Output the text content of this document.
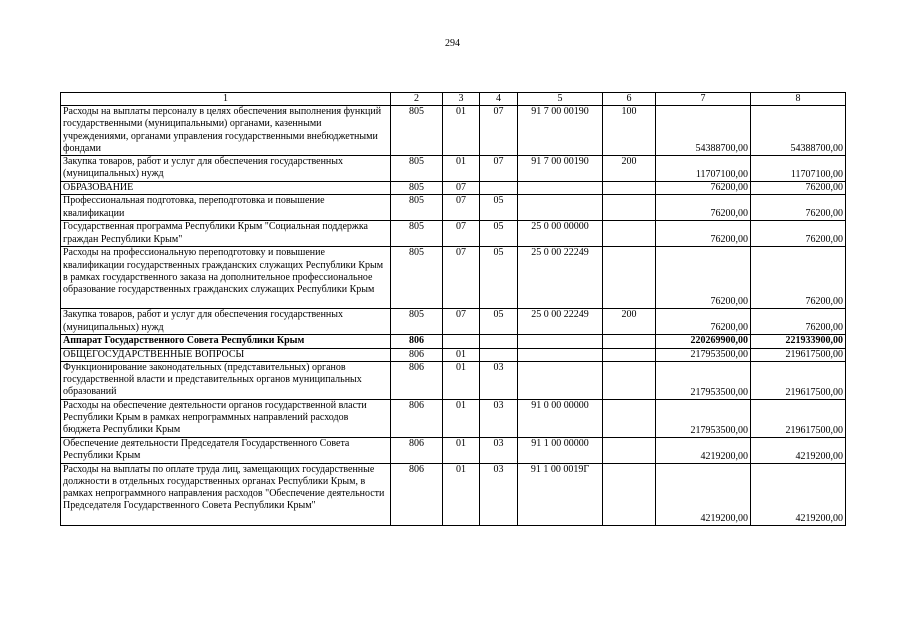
294
1	2	3	4	5	6	7	8
Расходы на выплаты персоналу в целях обеспечения выполнения функций государственными (муниципальными) органами, казенными учреждениями, органами управления государственными внебюджетными фондами	805	01	07	91 7 00 00190	100	54388700,00	54388700,00
Закупка товаров, работ и услуг для обеспечения государственных (муниципальных) нужд	805	01	07	91 7 00 00190	200	11707100,00	11707100,00
ОБРАЗОВАНИЕ	805	07				76200,00	76200,00
Профессиональная подготовка, переподготовка и повышение квалификации	805	07	05			76200,00	76200,00
Государственная программа Республики Крым "Социальная поддержка граждан Республики Крым"	805	07	05	25 0 00 00000		76200,00	76200,00
Расходы на профессиональную переподготовку и повышение квалификации государственных гражданских служащих Республики Крым в рамках государственного заказа на дополнительное профессиональное образование государственных гражданских служащих Республики Крым	805	07	05	25 0 00 22249		76200,00	76200,00
Закупка товаров, работ и услуг для обеспечения государственных (муниципальных) нужд	805	07	05	25 0 00 22249	200	76200,00	76200,00
Аппарат Государственного Совета Республики Крым	806					220269900,00	221933900,00
ОБЩЕГОСУДАРСТВЕННЫЕ ВОПРОСЫ	806	01				217953500,00	219617500,00
Функционирование законодательных (представительных) органов государственной власти и представительных органов муниципальных образований	806	01	03			217953500,00	219617500,00
Расходы на обеспечение деятельности органов государственной власти Республики Крым в рамках непрограммных направлений расходов бюджета Республики Крым	806	01	03	91 0 00 00000		217953500,00	219617500,00
Обеспечение деятельности Председателя Государственного Совета Республики Крым	806	01	03	91 1 00 00000		4219200,00	4219200,00
Расходы на выплаты по оплате труда лиц, замещающих государственные должности в отдельных государственных органах Республики Крым, в рамках непрограммного направления расходов "Обеспечение деятельности Председателя Государственного Совета Республики Крым"	806	01	03	91 1 00 0019Г		4219200,00	4219200,00
